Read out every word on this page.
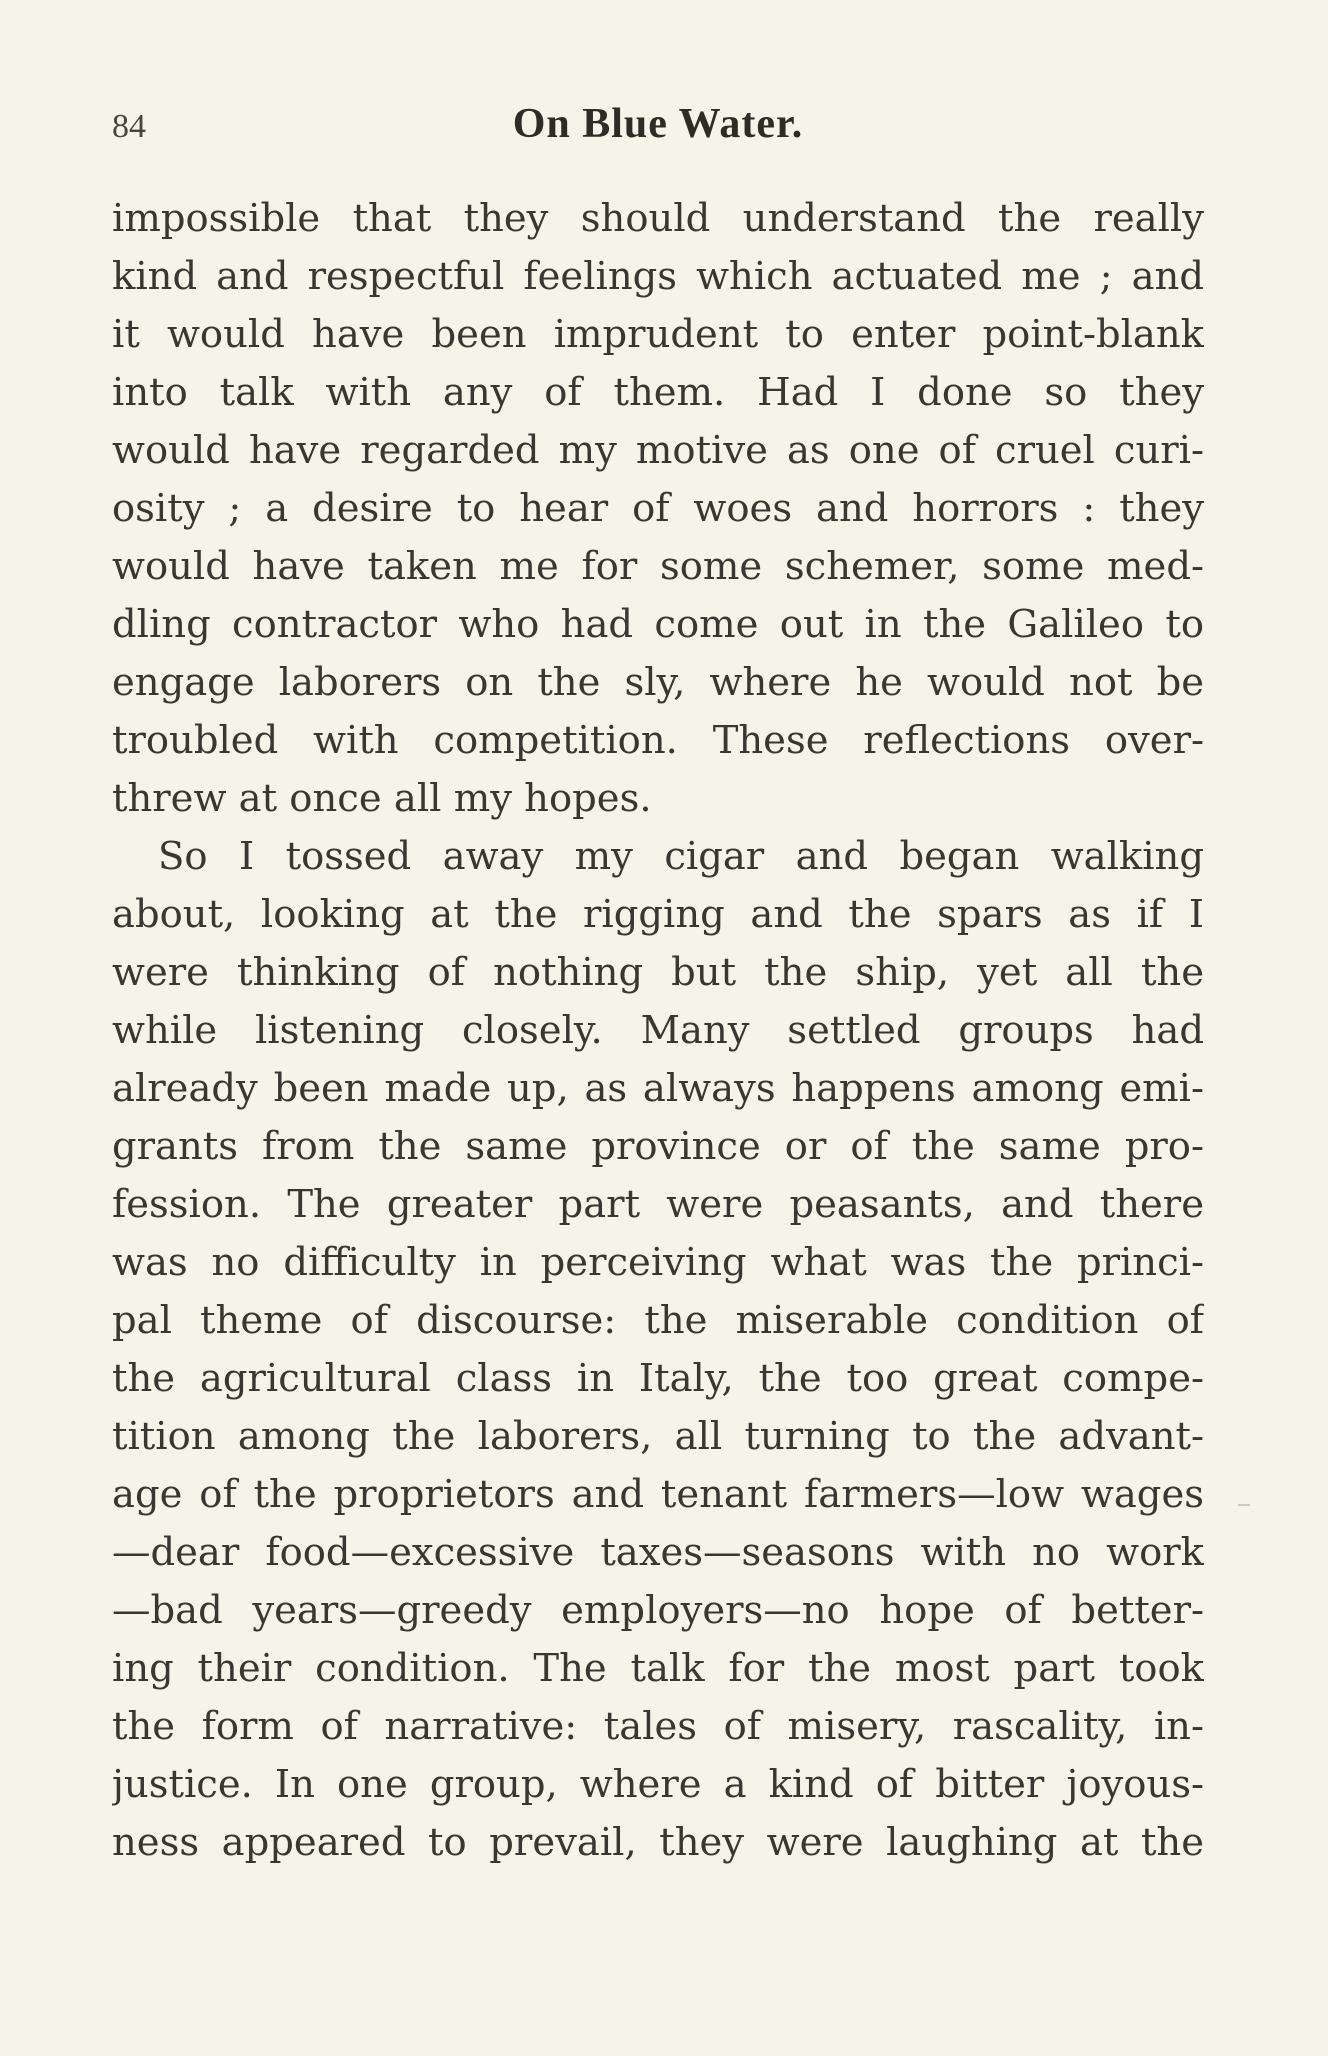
84	On Blue Water.
impossible that they should understand the really
kind and respectful feelings which actuated me ; and
it would have been imprudent to enter point-blank
into talk with any of them. Had I done so they
would have regarded my motive as one of cruel curi-
osity ; a desire to hear of woes and horrors : they
would have taken me for some schemer, some med-
dling contractor who had come out in the Galileo to
engage laborers on the sly, where he would not be
troubled with competition. These reflections over-
threw at once all my hopes.
So I tossed away my cigar and began walking
about, looking at the rigging and the spars as if I
were thinking of nothing but the ship, yet all the
while listening closely. Many settled groups had
already been made up, as always happens among emi-
grants from the same province or of the same pro-
fession. The greater part were peasants, and there
was no difficulty in perceiving what was the princi-
pal theme of discourse: the miserable condition of
the agricultural class in Italy, the too great compe-
tition among the laborers, all turning to the advant-
age of the proprietors and tenant farmers—low wages
—dear food—excessive taxes—seasons with no work
—bad years—greedy employers—no hope of better-
ing their condition. The talk for the most part took
the form of narrative: tales of misery, rascality, in-
justice. In one group, where a kind of bitter joyous-
ness appeared to prevail, they were laughing at the
